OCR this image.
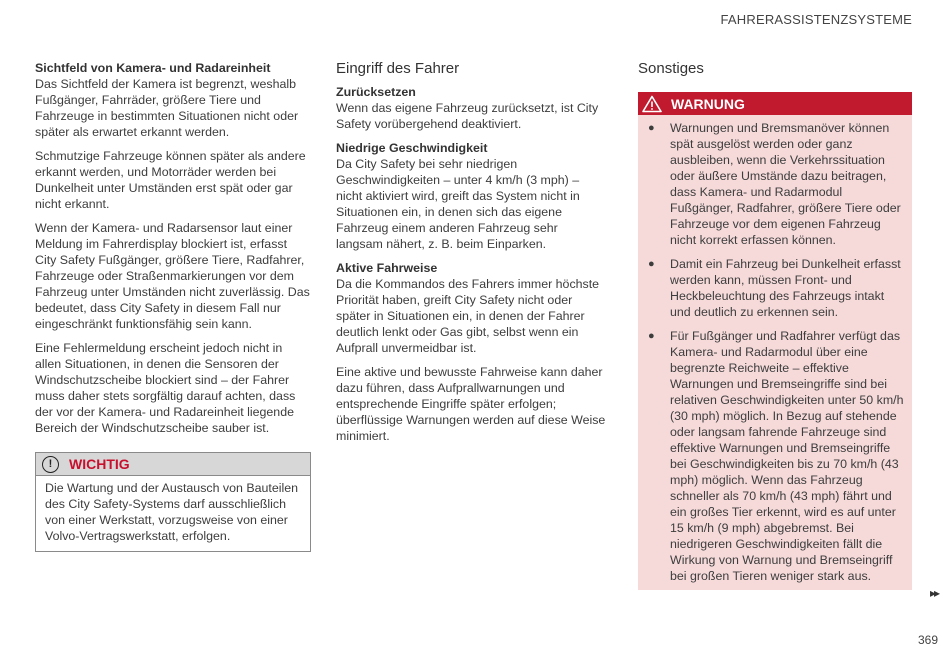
FAHRERASSISTENZSYSTEME
Sichtfeld von Kamera- und Radareinheit

Das Sichtfeld der Kamera ist begrenzt, weshalb Fußgänger, Fahrräder, größere Tiere und Fahrzeuge in bestimmten Situationen nicht oder später als erwartet erkannt werden.

Schmutzige Fahrzeuge können später als andere erkannt werden, und Motorräder werden bei Dunkelheit unter Umständen erst spät oder gar nicht erkannt.

Wenn der Kamera- und Radarsensor laut einer Meldung im Fahrerdisplay blockiert ist, erfasst City Safety Fußgänger, größere Tiere, Radfahrer, Fahrzeuge oder Straßenmarkierungen vor dem Fahrzeug unter Umständen nicht zuverlässig. Das bedeutet, dass City Safety in diesem Fall nur eingeschränkt funktionsfähig sein kann.

Eine Fehlermeldung erscheint jedoch nicht in allen Situationen, in denen die Sensoren der Windschutzscheibe blockiert sind – der Fahrer muss daher stets sorgfältig darauf achten, dass der vor der Kamera- und Radareinheit liegende Bereich der Windschutzscheibe sauber ist.

!	WICHTIG
Die Wartung und der Austausch von Bauteilen des City Safety-Systems darf ausschließlich von einer Werkstatt, vorzugsweise von einer Volvo-Vertragswerkstatt, erfolgen.
Eingriff des Fahrer
Zurücksetzen

Wenn das eigene Fahrzeug zurücksetzt, ist City Safety vorübergehend deaktiviert.

Niedrige Geschwindigkeit

Da City Safety bei sehr niedrigen Geschwindigkeiten – unter 4 km/h (3 mph) – nicht aktiviert wird, greift das System nicht in Situationen ein, in denen sich das eigene Fahrzeug einem anderen Fahrzeug sehr langsam nähert, z. B. beim Einparken.

Aktive Fahrweise

Da die Kommandos des Fahrers immer höchste Priorität haben, greift City Safety nicht oder später in Situationen ein, in denen der Fahrer deutlich lenkt oder Gas gibt, selbst wenn ein Aufprall unvermeidbar ist.

Eine aktive und bewusste Fahrweise kann daher dazu führen, dass Aufprallwarnungen und entsprechende Eingriffe später erfolgen; überflüssige Warnungen werden auf diese Weise minimiert.

Sonstiges
WARNUNG
● Warnungen und Bremsmanöver können spät ausgelöst werden oder ganz ausbleiben, wenn die Verkehrssituation oder äußere Umstände dazu beitragen, dass Kamera- und Radarmodul Fußgänger, Radfahrer, größere Tiere oder Fahrzeuge vor dem eigenen Fahrzeug nicht korrekt erfassen können.
● Damit ein Fahrzeug bei Dunkelheit erfasst werden kann, müssen Front- und Heckbeleuchtung des Fahrzeugs intakt und deutlich zu erkennen sein.
● Für Fußgänger und Radfahrer verfügt das Kamera- und Radarmodul über eine begrenzte Reichweite – effektive Warnungen und Bremseingriffe sind bei relativen Geschwindigkeiten unter 50 km/h (30 mph) möglich. In Bezug auf stehende oder langsam fahrende Fahrzeuge sind effektive Warnungen und Bremseingriffe bei Geschwindigkeiten bis zu 70 km/h (43 mph) möglich. Wenn das Fahrzeug schneller als 70 km/h (43 mph) fährt und ein großes Tier erkennt, wird es auf unter 15 km/h (9 mph) abgebremst. Bei niedrigeren Geschwindigkeiten fällt die Wirkung von Warnung und Bremseingriff bei großen Tieren weniger stark aus.
▸▸
369
